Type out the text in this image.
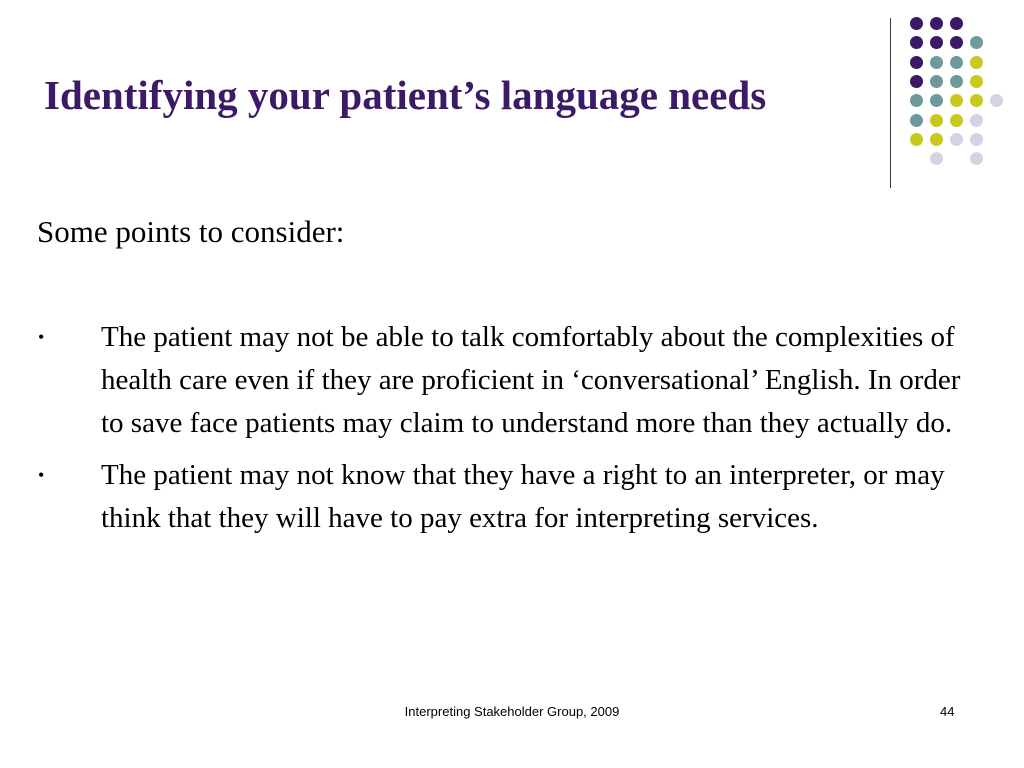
Identifying your patient’s language needs

Some points to consider:

• The patient may not be able to talk comfortably about the complexities of health care even if they are proficient in ‘conversational’ English. In order to save face patients may claim to understand more than they actually do.
• The patient may not know that they have a right to an interpreter, or may think that they will have to pay extra for interpreting services.
Interpreting Stakeholder Group, 2009	44
